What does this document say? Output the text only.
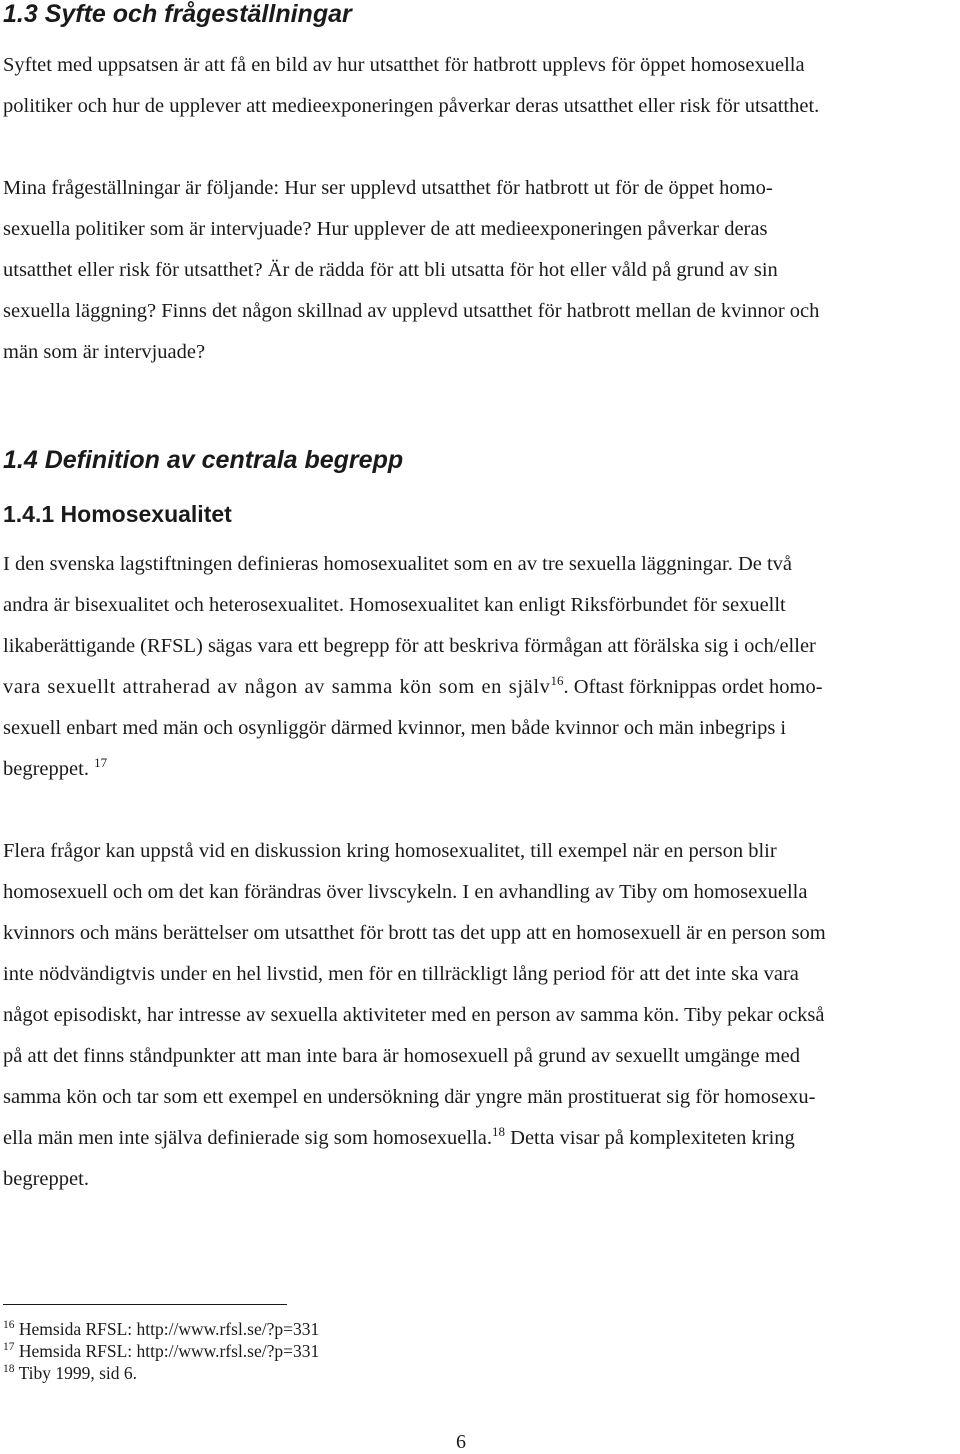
1.3 Syfte och frågeställningar

Syftet med uppsatsen är att få en bild av hur utsatthet för hatbrott upplevs för öppet homosexuella

politiker och hur de upplever att medieexponeringen påverkar deras utsatthet eller risk för utsatthet.

Mina frågeställningar är följande: Hur ser upplevd utsatthet för hatbrott ut för de öppet homo-

sexuella politiker som är intervjuade? Hur upplever de att medieexponeringen påverkar deras

utsatthet eller risk för utsatthet? Är de rädda för att bli utsatta för hot eller våld på grund av sin

sexuella läggning? Finns det någon skillnad av upplevd utsatthet för hatbrott mellan de kvinnor och

män som är intervjuade?

1.4 Definition av centrala begrepp
1.4.1 Homosexualitet

I den svenska lagstiftningen definieras homosexualitet som en av tre sexuella läggningar. De två

andra är bisexualitet och heterosexualitet. Homosexualitet kan enligt Riksförbundet för sexuellt

likaberättigande (RFSL) sägas vara ett begrepp för att beskriva förmågan att förälska sig i och/eller

vara sexuellt attraherad av någon av samma kön som en själv$^{16}$. Oftast förknippas ordet homo-

sexuell enbart med män och osynliggör därmed kvinnor, men både kvinnor och män inbegrips i

begreppet. $^{17}$

Flera frågor kan uppstå vid en diskussion kring homosexualitet, till exempel när en person blir

homosexuell och om det kan förändras över livscykeln. I en avhandling av Tiby om homosexuella

kvinnors och mäns berättelser om utsatthet för brott tas det upp att en homosexuell är en person som

inte nödvändigtvis under en hel livstid, men för en tillräckligt lång period för att det inte ska vara

något episodiskt, har intresse av sexuella aktiviteter med en person av samma kön. Tiby pekar också

på att det finns ståndpunkter att man inte bara är homosexuell på grund av sexuellt umgänge med

samma kön och tar som ett exempel en undersökning där yngre män prostituerat sig för homosexu-

ella män men inte själva definierade sig som homosexuella.$^{18}$ Detta visar på komplexiteten kring

begreppet.

$^{16}$ Hemsida RFSL: http://www.rfsl.se/?p=331

$^{17}$ Hemsida RFSL: http://www.rfsl.se/?p=331

$^{18}$ Tiby 1999, sid 6.

6
